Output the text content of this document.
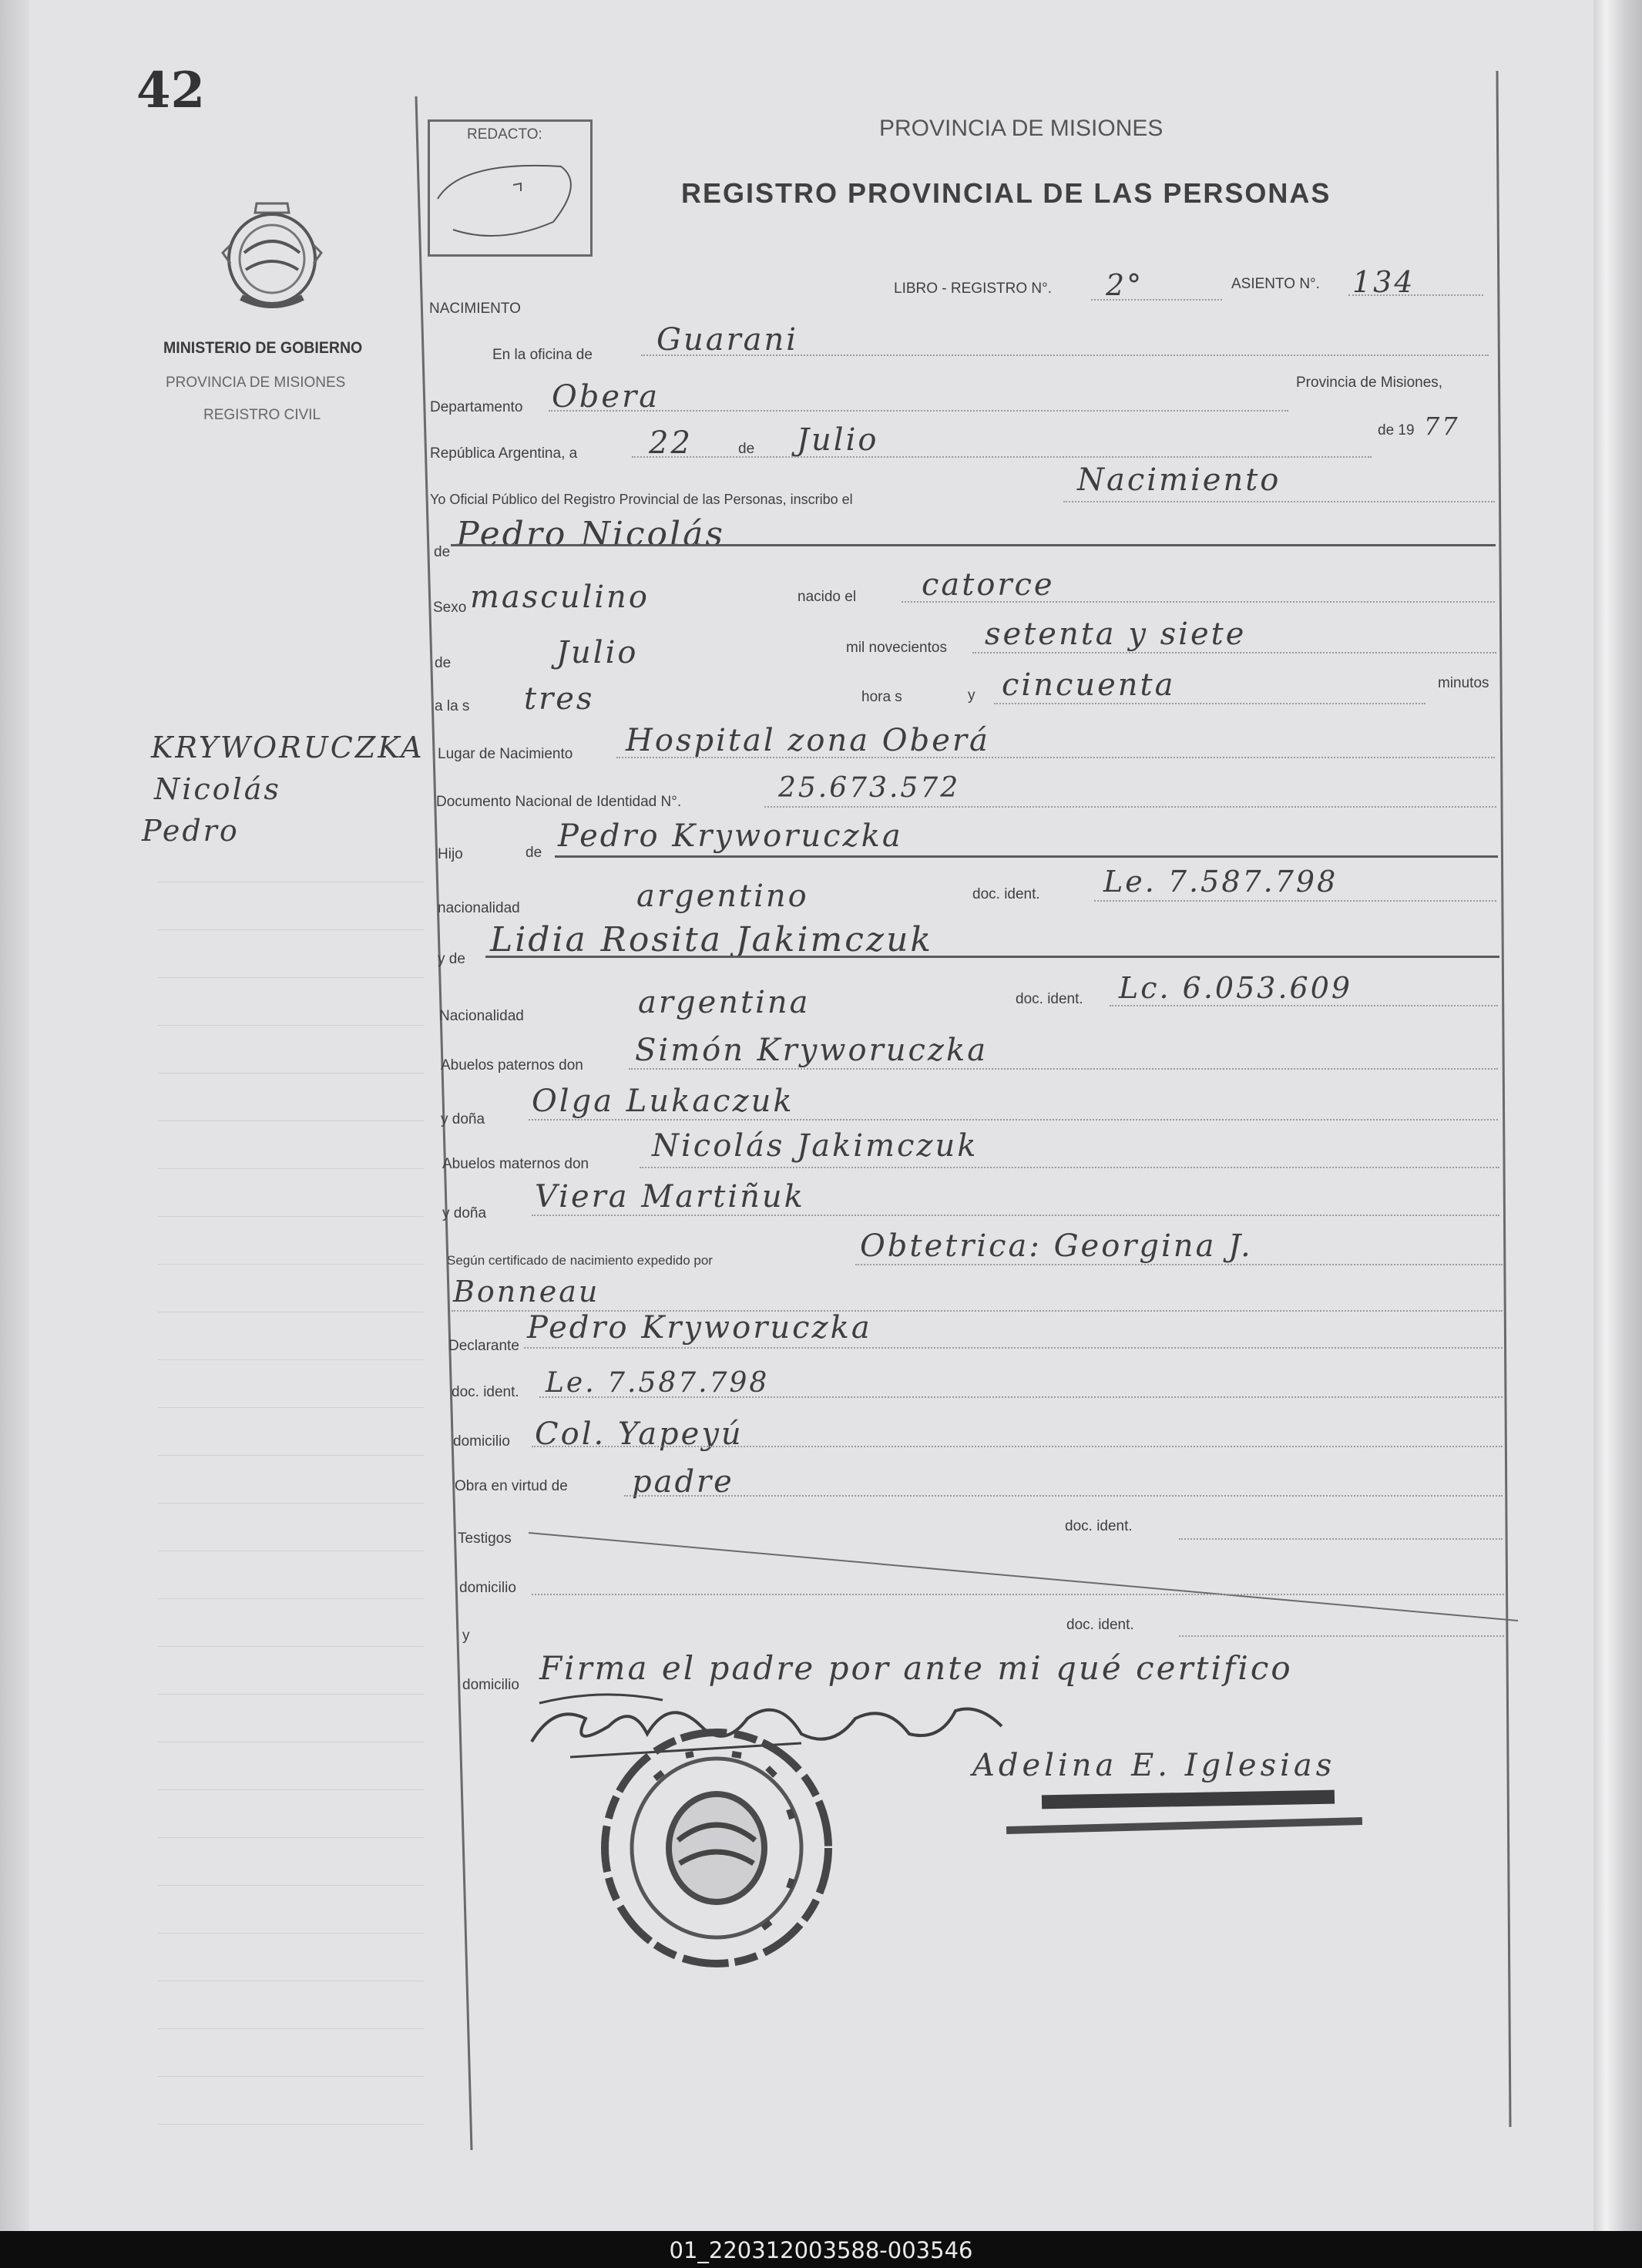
42
MINISTERIO DE GOBIERNO
PROVINCIA DE MISIONES
REGISTRO CIVIL
REDACTO:	PROVINCIA DE MISIONES
REGISTRO PROVINCIAL DE LAS PERSONAS
LIBRO - REGISTRO N°. 2°	ASIENTO N°. 134
NACIMIENTO
En la oficina de Guarani
Departamento Obera	Provincia de Misiones,
República Argentina, a 22	de Julio	de 19 77
Yo Oficial Público del Registro Provincial de las Personas, inscribo el
Nacimiento
de Pedro Nicolás
Sexo masculino	nacido el catorce
de	Julio	mil novecientos setenta y siete
a la s tres	hora s	y cincuenta	minutos
Lugar de Nacimiento Hospital zona Oberá
Documento Nacional de Identidad N°.	25.673.572
Hijo	de Pedro Kryworuczka
nacionalidad	argentino	doc. ident. Le. 7.587.798
y de Lidia Rosita Jakimczuk
Nacionalidad	argentina	doc. ident. Lc. 6.053.609
Abuelos paternos don Simón Kryworuczka
y doña
Olga Lukaczuk
Abuelos maternos don
Nicolás Jakimczuk
y doña Viera Martiñuk
Según certificado de nacimiento expedido por	Obtetrica: Georgina J.
Bonneau
Declarante
Pedro Kryworuczka
doc. ident. Le. 7.587.798
domicilio Col. Yapeyú
Obra en virtud de padre
Testigos
doc. ident.
domicilio
y
doc. ident.
domicilio Firma el padre por ante mi qué certifico
KRYWORUCZKA
Nicolás
Pedro
Adelina E. Iglesias
01_220312003588-003546
